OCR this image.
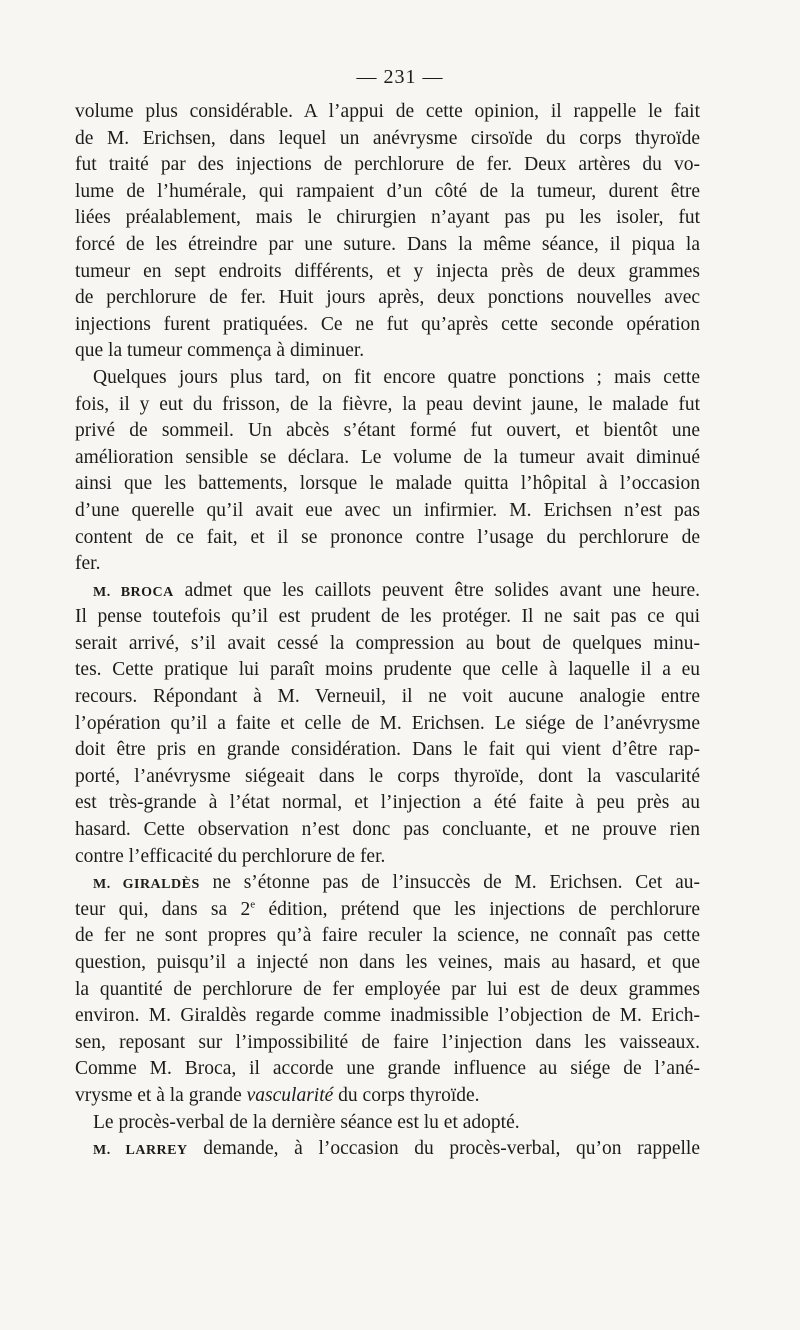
— 231 —
volume plus considérable. A l’appui de cette opinion, il rappelle le fait
de M. Erichsen, dans lequel un anévrysme cirsoïde du corps thyroïde
fut traité par des injections de perchlorure de fer. Deux artères du vo-
lume de l’humérale, qui rampaient d’un côté de la tumeur, durent être
liées préalablement, mais le chirurgien n’ayant pas pu les isoler, fut
forcé de les étreindre par une suture. Dans la même séance, il piqua la
tumeur en sept endroits différents, et y injecta près de deux grammes
de perchlorure de fer. Huit jours après, deux ponctions nouvelles avec
injections furent pratiquées. Ce ne fut qu’après cette seconde opération
que la tumeur commença à diminuer.
Quelques jours plus tard, on fit encore quatre ponctions ; mais cette
fois, il y eut du frisson, de la fièvre, la peau devint jaune, le malade fut
privé de sommeil. Un abcès s’étant formé fut ouvert, et bientôt une
amélioration sensible se déclara. Le volume de la tumeur avait diminué
ainsi que les battements, lorsque le malade quitta l’hôpital à l’occasion
d’une querelle qu’il avait eue avec un infirmier. M. Erichsen n’est pas
content de ce fait, et il se prononce contre l’usage du perchlorure de
fer.
M. BROCA admet que les caillots peuvent être solides avant une heure.
Il pense toutefois qu’il est prudent de les protéger. Il ne sait pas ce qui
serait arrivé, s’il avait cessé la compression au bout de quelques minu-
tes. Cette pratique lui paraît moins prudente que celle à laquelle il a eu
recours. Répondant à M. Verneuil, il ne voit aucune analogie entre
l’opération qu’il a faite et celle de M. Erichsen. Le siége de l’anévrysme
doit être pris en grande considération. Dans le fait qui vient d’être rap-
porté, l’anévrysme siégeait dans le corps thyroïde, dont la vascularité
est très-grande à l’état normal, et l’injection a été faite à peu près au
hasard. Cette observation n’est donc pas concluante, et ne prouve rien
contre l’efficacité du perchlorure de fer.
M. GIRALDÈS ne s’étonne pas de l’insuccès de M. Erichsen. Cet au-
teur qui, dans sa 2e édition, prétend que les injections de perchlorure
de fer ne sont propres qu’à faire reculer la science, ne connaît pas cette
question, puisqu’il a injecté non dans les veines, mais au hasard, et que
la quantité de perchlorure de fer employée par lui est de deux grammes
environ. M. Giraldès regarde comme inadmissible l’objection de M. Erich-
sen, reposant sur l’impossibilité de faire l’injection dans les vaisseaux.
Comme M. Broca, il accorde une grande influence au siége de l’ané-
vrysme et à la grande vascularité du corps thyroïde.
Le procès-verbal de la dernière séance est lu et adopté.
M. LARREY demande, à l’occasion du procès-verbal, qu’on rappelle
